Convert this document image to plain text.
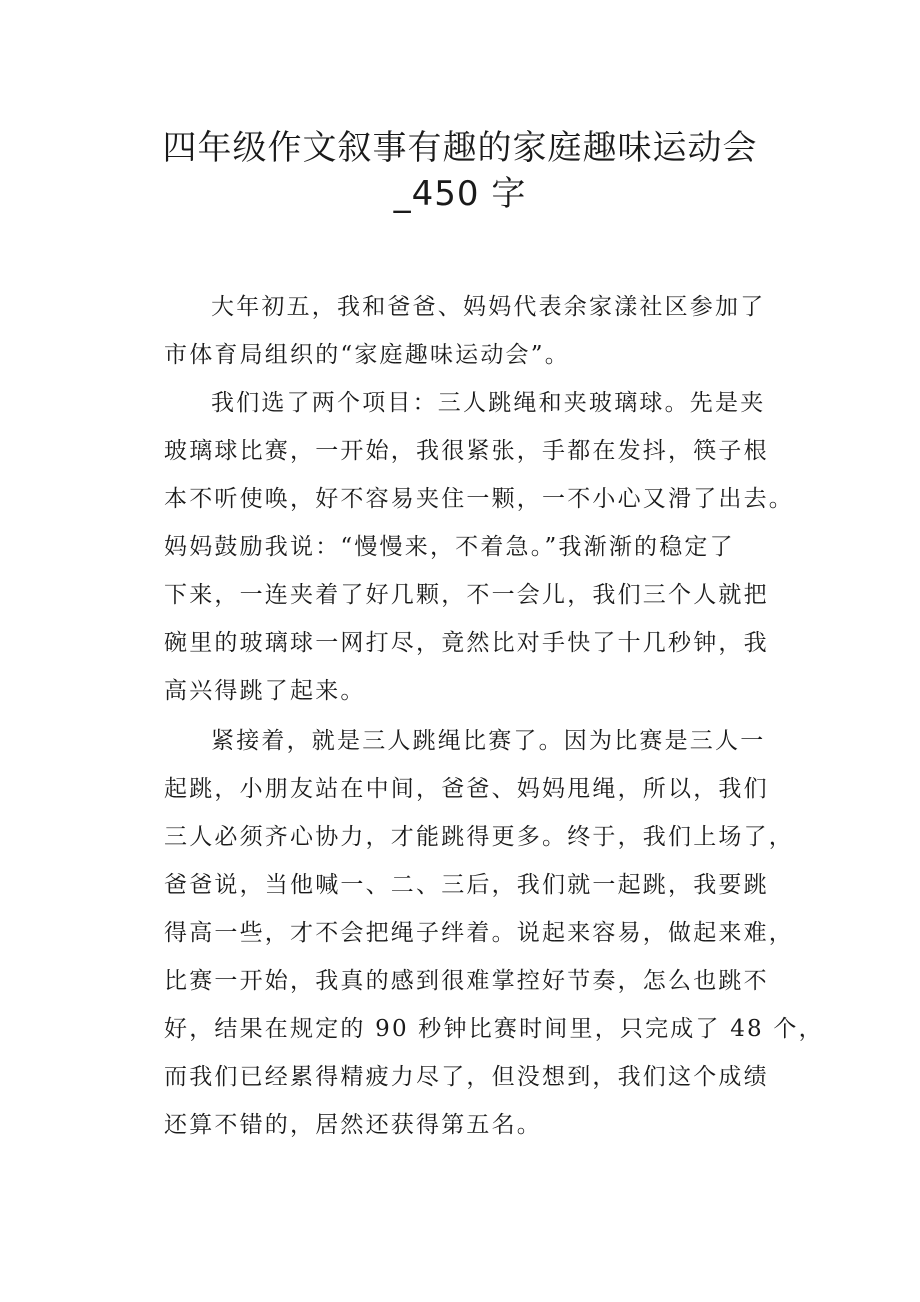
四年级作文叙事有趣的家庭趣味运动会
_450 字
大年初五，我和爸爸、妈妈代表余家漾社区参加了
市体育局组织的“家庭趣味运动会”。
我们选了两个项目：三人跳绳和夹玻璃球。先是夹
玻璃球比赛，一开始，我很紧张，手都在发抖，筷子根
本不听使唤，好不容易夹住一颗，一不小心又滑了出去。
妈妈鼓励我说：“慢慢来，不着急。”我渐渐的稳定了
下来，一连夹着了好几颗，不一会儿，我们三个人就把
碗里的玻璃球一网打尽，竟然比对手快了十几秒钟，我
高兴得跳了起来。
紧接着，就是三人跳绳比赛了。因为比赛是三人一
起跳，小朋友站在中间，爸爸、妈妈甩绳，所以，我们
三人必须齐心协力，才能跳得更多。终于，我们上场了，
爸爸说，当他喊一、二、三后，我们就一起跳，我要跳
得高一些，才不会把绳子绊着。说起来容易，做起来难，
比赛一开始，我真的感到很难掌控好节奏，怎么也跳不
好，结果在规定的 90 秒钟比赛时间里，只完成了 48 个，
而我们已经累得精疲力尽了，但没想到，我们这个成绩
还算不错的，居然还获得第五名。
